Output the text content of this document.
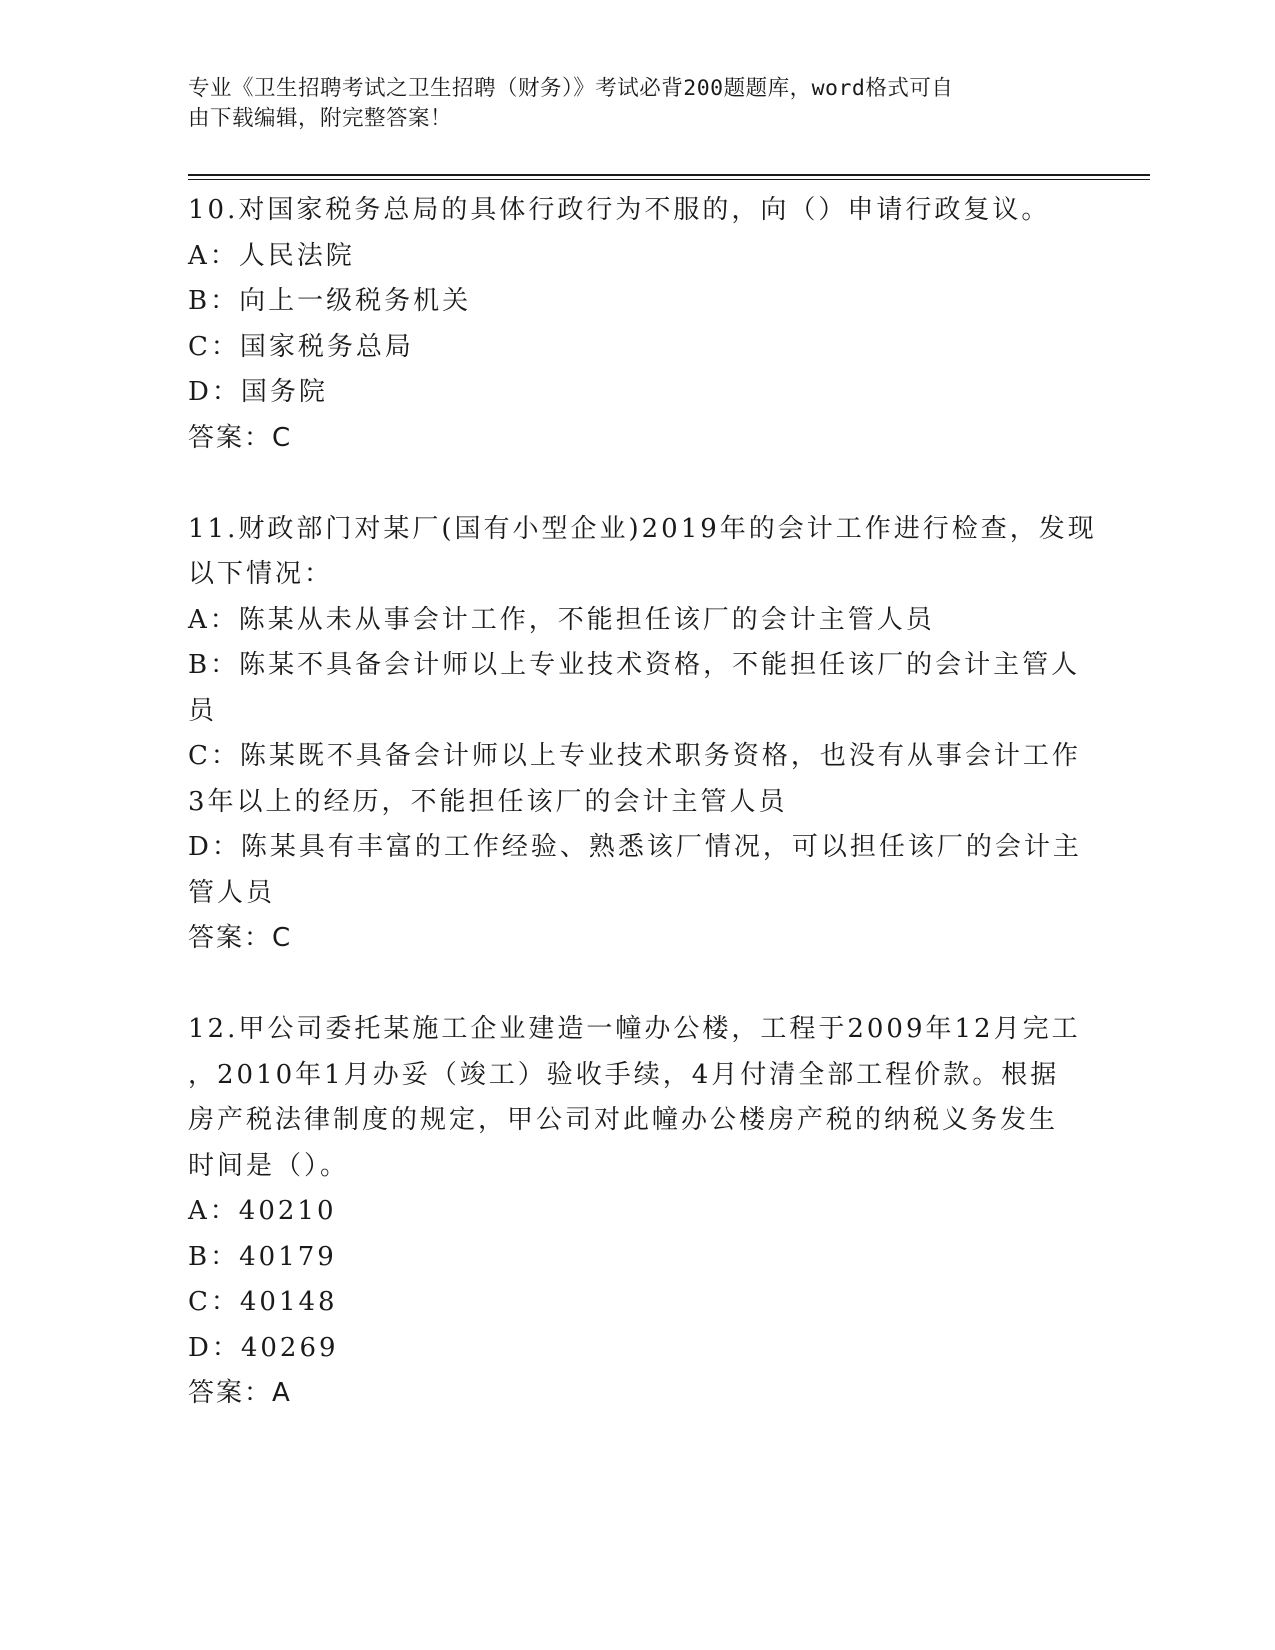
专业《卫生招聘考试之卫生招聘（财务）》考试必背200题题库，word格式可自
由下载编辑，附完整答案！
10.对国家税务总局的具体行政行为不服的，向（）申请行政复议。
A：人民法院
B：向上一级税务机关
C：国家税务总局
D：国务院
答案：C
11.财政部门对某厂(国有小型企业)2019年的会计工作进行检查，发现
以下情况：
A：陈某从未从事会计工作，不能担任该厂的会计主管人员
B：陈某不具备会计师以上专业技术资格，不能担任该厂的会计主管人
员
C：陈某既不具备会计师以上专业技术职务资格，也没有从事会计工作
3年以上的经历，不能担任该厂的会计主管人员
D：陈某具有丰富的工作经验、熟悉该厂情况，可以担任该厂的会计主
管人员
答案：C
12.甲公司委托某施工企业建造一幢办公楼，工程于2009年12月完工
，2010年1月办妥（竣工）验收手续，4月付清全部工程价款。根据
房产税法律制度的规定，甲公司对此幢办公楼房产税的纳税义务发生
时间是（）。
A：40210
B：40179
C：40148
D：40269
答案：A
